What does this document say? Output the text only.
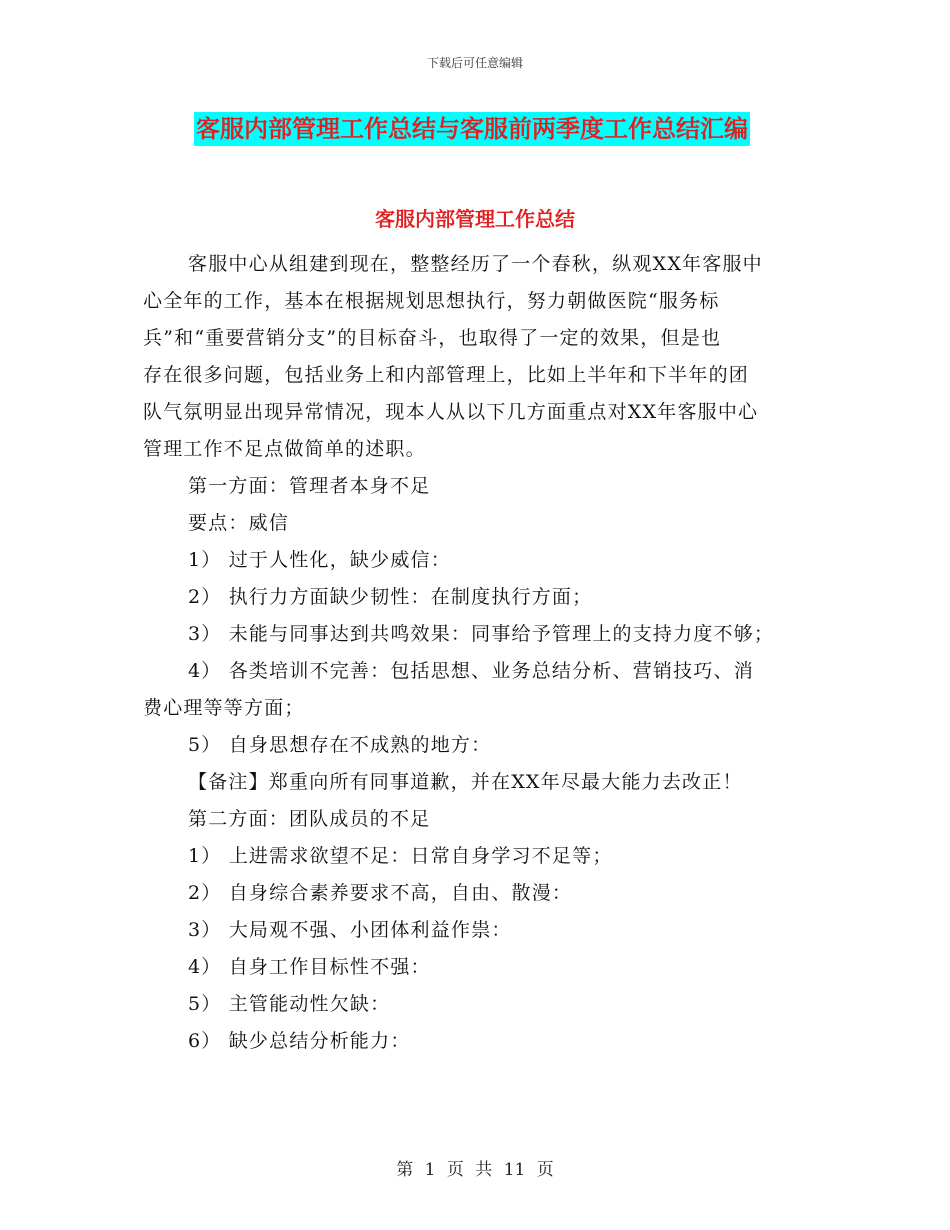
下载后可任意编辑
客服内部管理工作总结与客服前两季度工作总结汇编
客服内部管理工作总结

客服中心从组建到现在，整整经历了一个春秋，纵观XX年客服中

心全年的工作，基本在根据规划思想执行，努力朝做医院“服务标

兵”和“重要营销分支”的目标奋斗，也取得了一定的效果，但是也

存在很多问题，包括业务上和内部管理上，比如上半年和下半年的团

队气氛明显出现异常情况，现本人从以下几方面重点对XX年客服中心

管理工作不足点做简单的述职。

第一方面：管理者本身不足

要点：威信

1） 过于人性化，缺少威信：

2） 执行力方面缺少韧性：在制度执行方面；

3） 未能与同事达到共鸣效果：同事给予管理上的支持力度不够；

4） 各类培训不完善：包括思想、业务总结分析、营销技巧、消

费心理等等方面；

5） 自身思想存在不成熟的地方：

【备注】郑重向所有同事道歉，并在XX年尽最大能力去改正！

第二方面：团队成员的不足

1） 上进需求欲望不足：日常自身学习不足等；

2） 自身综合素养要求不高，自由、散漫：

3） 大局观不强、小团体利益作祟：

4） 自身工作目标性不强：

5） 主管能动性欠缺：

6） 缺少总结分析能力：

第 1 页 共 11 页
